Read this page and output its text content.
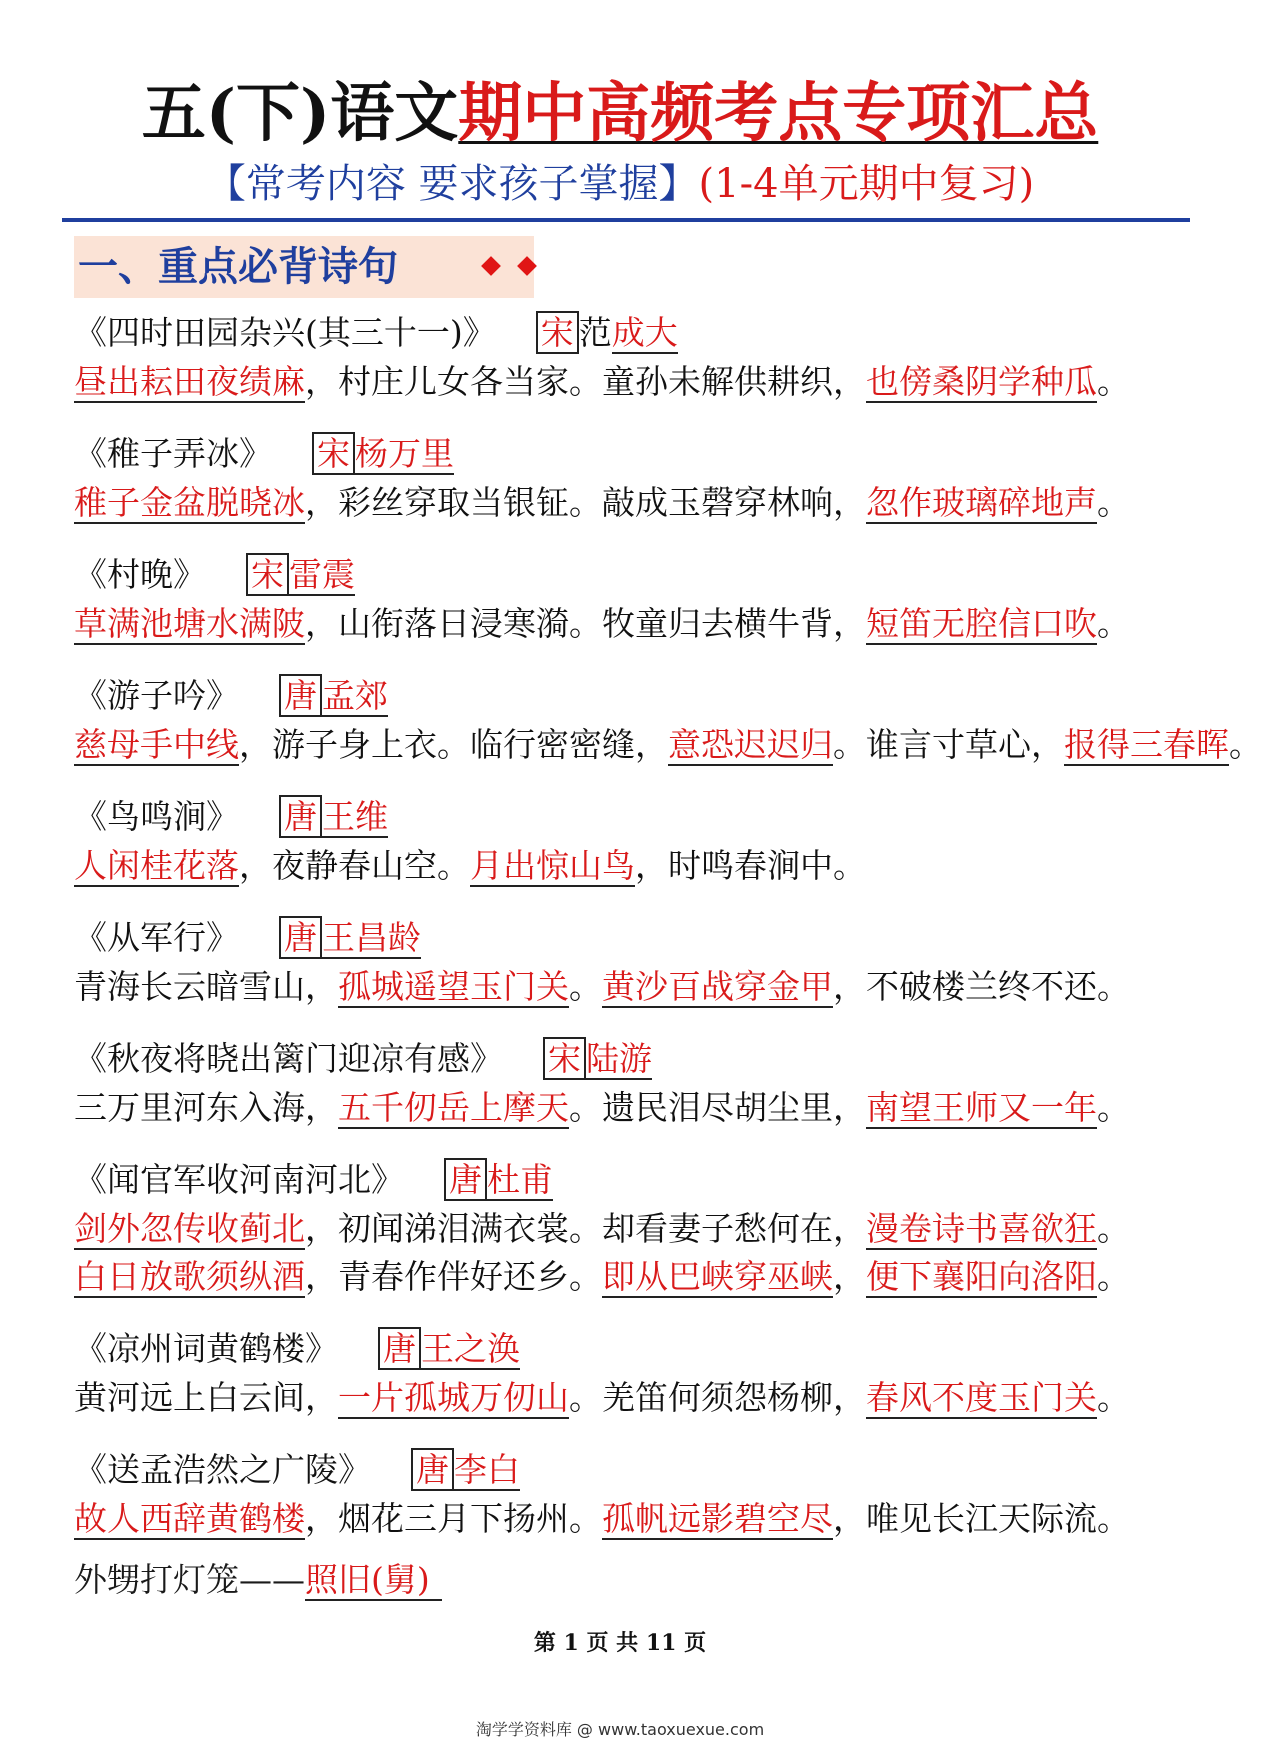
五(下)语文期中高频考点专项汇总
【常考内容 要求孩子掌握】(1-4单元期中复习)
一、重点必背诗句
《四时田园杂兴(其三十一)》 宋 范成大
昼出耘田夜绩麻，村庄儿女各当家。童孙未解供耕织，也傍桑阴学种瓜。
《稚子弄冰》 宋 杨万里
稚子金盆脱晓冰，彩丝穿取当银钲。敲成玉磬穿林响，忽作玻璃碎地声。
《村晚》 宋 雷震
草满池塘水满陂，山衔落日浸寒漪。牧童归去横牛背，短笛无腔信口吹。
《游子吟》 唐 孟郊
慈母手中线，游子身上衣。临行密密缝，意恐迟迟归。谁言寸草心，报得三春晖。
《鸟鸣涧》 唐 王维
人闲桂花落，夜静春山空。月出惊山鸟，时鸣春涧中。
《从军行》 唐 王昌龄
青海长云暗雪山，孤城遥望玉门关。黄沙百战穿金甲，不破楼兰终不还。
《秋夜将晓出篱门迎凉有感》 宋 陆游
三万里河东入海，五千仞岳上摩天。遗民泪尽胡尘里，南望王师又一年。
《闻官军收河南河北》 唐 杜甫
剑外忽传收蓟北，初闻涕泪满衣裳。却看妻子愁何在，漫卷诗书喜欲狂。
白日放歌须纵酒，青春作伴好还乡。即从巴峡穿巫峡，便下襄阳向洛阳。
《凉州词黄鹤楼》 唐 王之涣
黄河远上白云间，一片孤城万仞山。羌笛何须怨杨柳，春风不度玉门关。
《送孟浩然之广陵》 唐 李白
故人西辞黄鹤楼，烟花三月下扬州。孤帆远影碧空尽，唯见长江天际流。
外甥打灯笼——照旧(舅)
第 1 页 共 11 页
淘学学资料库 @ www.taoxuexue.com
